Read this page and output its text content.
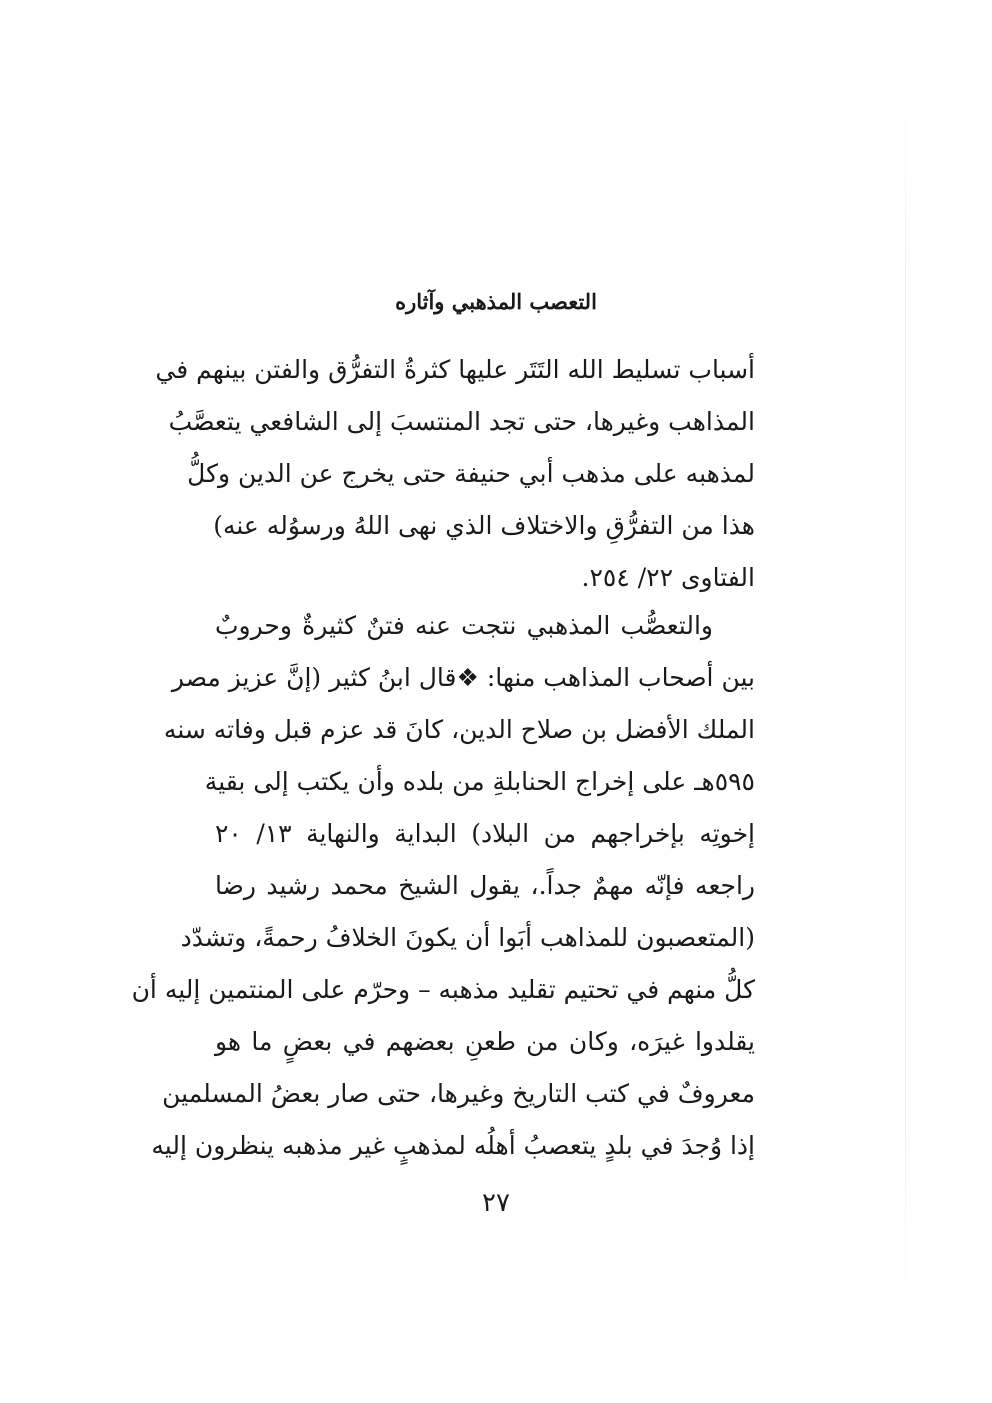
التعصب المذهبي وآثاره
أسباب تسليط الله التَتَر عليها كثرةُ التفرُّق والفتن بينهم في
المذاهب وغيرها، حتى تجد المنتسبَ إلى الشافعي يتعصَّبُ
لمذهبه على مذهب أبي حنيفة حتى يخرج عن الدين وكلُّ
هذا من التفرُّقِ والاختلاف الذي نهى اللهُ ورسوُله عنه)
الفتاوى ٢٢/ ٢٥٤.
والتعصُّب المذهبي نتجت عنه فتنٌ كثيرةٌ وحروبٌ
بين أصحاب المذاهب منها: ❖قال ابنُ كثير (إنَّ عزيز مصر
الملك الأفضل بن صلاح الدين، كانَ قد عزم قبل وفاته سنه
٥٩٥هـ على إخراج الحنابلةِ من بلده وأن يكتب إلى بقية
إخوتِه بإخراجهم من البلاد) البداية والنهاية ١٣/ ٢٠
راجعه فإنّه مهمٌ جداً.، يقول الشيخ محمد رشيد رضا
(المتعصبون للمذاهب أبَوا أن يكونَ الخلافُ رحمةً، وتشدّد
كلُّ منهم في تحتيم تقليد مذهبه – وحرّم على المنتمين إليه أن
يقلدوا غيرَه، وكان من طعنِ بعضهم في بعضٍ ما هو
معروفٌ في كتب التاريخ وغيرها، حتى صار بعضُ المسلمين
إذا وُجدَ في بلدٍ يتعصبُ أهلُه لمذهبٍ غير مذهبه ينظرون إليه
٢٧
